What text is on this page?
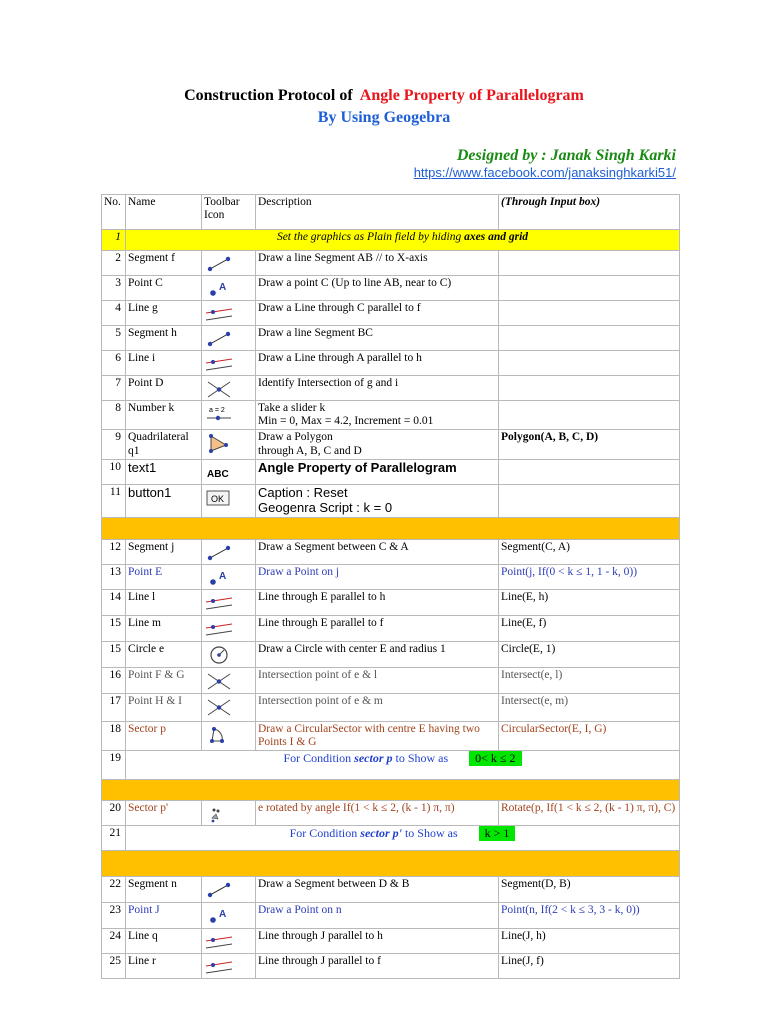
Construction Protocol of Angle Property of Parallelogram
By Using Geogebra
Designed by : Janak Singh Karki
https://www.facebook.com/janaksinghkarki51/
No.	Name	Toolbar Icon	Description	(Through Input box)
1	Set the graphics as Plain field by hiding axes and grid			
2	Segment f		Draw a line Segment AB // to X-axis	
3	Point C		Draw a point C (Up to line AB, near to C)	
4	Line g		Draw a Line through C parallel to f	
5	Segment h		Draw a line Segment BC	
6	Line i		Draw a Line through A parallel to h	
7	Point D		Identify Intersection of g and i	
8	Number k	a = 2	Take a slider k
Min = 0, Max = 4.2, Increment = 0.01	
9	Quadrilateral
q1		Draw a Polygon
through A, B, C and D	Polygon(A, B, C, D)
10	text1	ABC	Angle Property of Parallelogram	
11	button1	OK	Caption : Reset
Geogenra Script : k = 0	

12	Segment j		Draw a Segment between C & A	Segment(C, A)
13	Point E		Draw a Point on j	Point(j, If(0 < k ≤ 1, 1 - k, 0))
14	Line l		Line through E parallel to h	Line(E, h)
15	Line m		Line through E parallel to f	Line(E, f)
15	Circle e		Draw a Circle with center E and radius 1	Circle(E, 1)
16	Point F & G		Intersection point of e & l	Intersect(e, l)
17	Point H & I		Intersection point of e & m	Intersect(e, m)
18	Sector p		Draw a CircularSector with centre E having two Points I & G	CircularSector(E, I, G)
19	For Condition sector p to Show as 0< k ≤ 2			

20	Sector p'		e rotated by angle If(1 < k ≤ 2, (k - 1) π, π)	Rotate(p, If(1 < k ≤ 2, (k - 1) π, π), C)
21	For Condition sector p' to Show as k > 1			

22	Segment n		Draw a Segment between D & B	Segment(D, B)
23	Point J		Draw a Point on n	Point(n, If(2 < k ≤ 3, 3 - k, 0))
24	Line q		Line through J parallel to h	Line(J, h)
25	Line r		Line through J parallel to f	Line(J, f)
